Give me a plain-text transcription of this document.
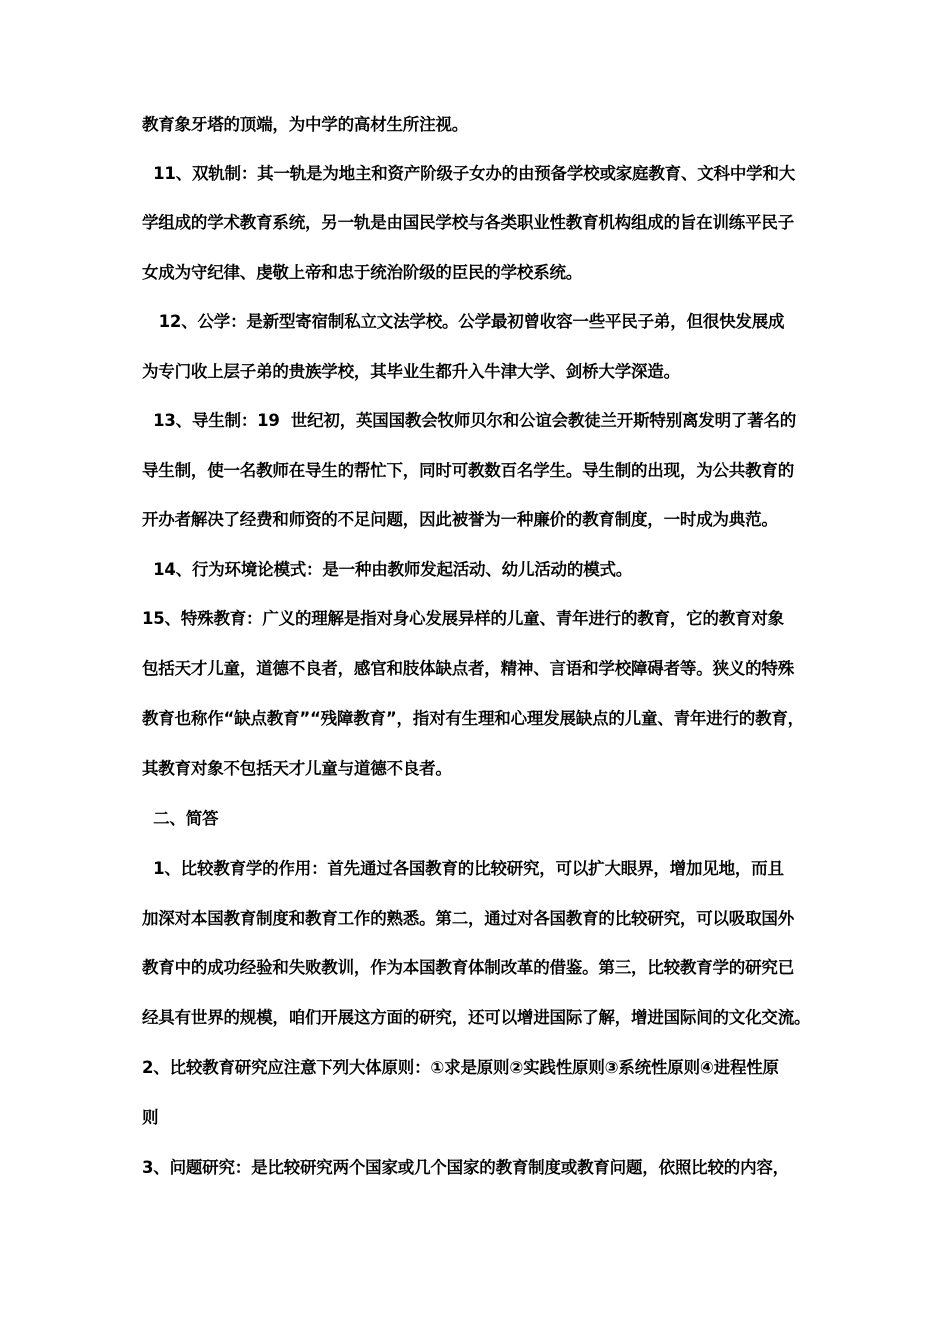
教育象牙塔的顶端，为中学的高材生所注视。
11、双轨制：其一轨是为地主和资产阶级子女办的由预备学校或家庭教育、文科中学和大
学组成的学术教育系统，另一轨是由国民学校与各类职业性教育机构组成的旨在训练平民子
女成为守纪律、虔敬上帝和忠于统治阶级的臣民的学校系统。
12、公学：是新型寄宿制私立文法学校。公学最初曾收容一些平民子弟，但很快发展成
为专门收上层子弟的贵族学校，其毕业生都升入牛津大学、剑桥大学深造。
13、导生制：19  世纪初，英国国教会牧师贝尔和公谊会教徒兰开斯特别离发明了著名的
导生制，使一名教师在导生的帮忙下，同时可教数百名学生。导生制的出现，为公共教育的
开办者解决了经费和师资的不足问题，因此被誉为一种廉价的教育制度，一时成为典范。
14、行为环境论模式：是一种由教师发起活动、幼儿活动的模式。
15、特殊教育：广义的理解是指对身心发展异样的儿童、青年进行的教育，它的教育对象
包括天才儿童，道德不良者，感官和肢体缺点者，精神、言语和学校障碍者等。狭义的特殊
教育也称作“缺点教育”“残障教育”，指对有生理和心理发展缺点的儿童、青年进行的教育，
其教育对象不包括天才儿童与道德不良者。
二、简答
1、比较教育学的作用：首先通过各国教育的比较研究，可以扩大眼界，增加见地，而且
加深对本国教育制度和教育工作的熟悉。第二，通过对各国教育的比较研究，可以吸取国外
教育中的成功经验和失败教训，作为本国教育体制改革的借鉴。第三，比较教育学的研究已
经具有世界的规模，咱们开展这方面的研究，还可以增进国际了解，增进国际间的文化交流。
2、比较教育研究应注意下列大体原则：①求是原则②实践性原则③系统性原则④进程性原
则
3、问题研究：是比较研究两个国家或几个国家的教育制度或教育问题，依照比较的内容，
